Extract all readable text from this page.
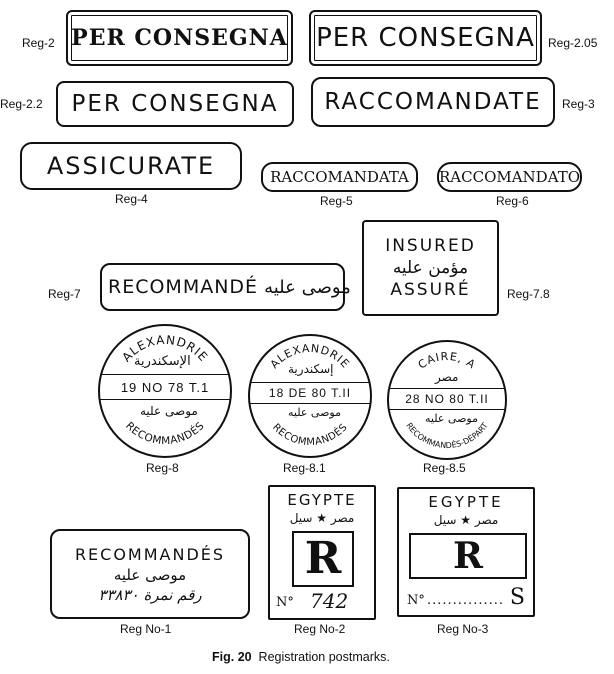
Reg-2 PER CONSEGNA PER CONSEGNA Reg-2.05
Reg-2.2 PER CONSEGNA RACCOMANDATE Reg-3
ASSICURATE
Reg-4
RACCOMANDATA
Reg-5
RACCOMANDATO
Reg-6
Reg-7 RECOMMANDÉ موصى عليه
INSURED
مؤمن عليه
ASSURÉ	Reg-7.8
ALEXANDRIE
RECOMMANDÉS
الإسكندرية
19 NO 78 T.1
موصى عليه
Reg-8
ALEXANDRIE
RECOMMANDÉS
إسكندرية
18 DE 80 T.II
موصى عليه
Reg-8.1
CAIRE, A
RECOMMANDÉS-DÉPART
مصر
28 NO 80 T.II
موصى عليه
Reg-8.5
RECOMMANDÉS
موصى عليه
رقم نمرة ٣٣٨٣٠
Reg No-1
EGYPTE
مصر ★ سيل
R
N° 742
Reg No-2
EGYPTE
مصر ★ سيل
R
N° ............... S
Reg No-3
Fig. 20 Registration postmarks.
